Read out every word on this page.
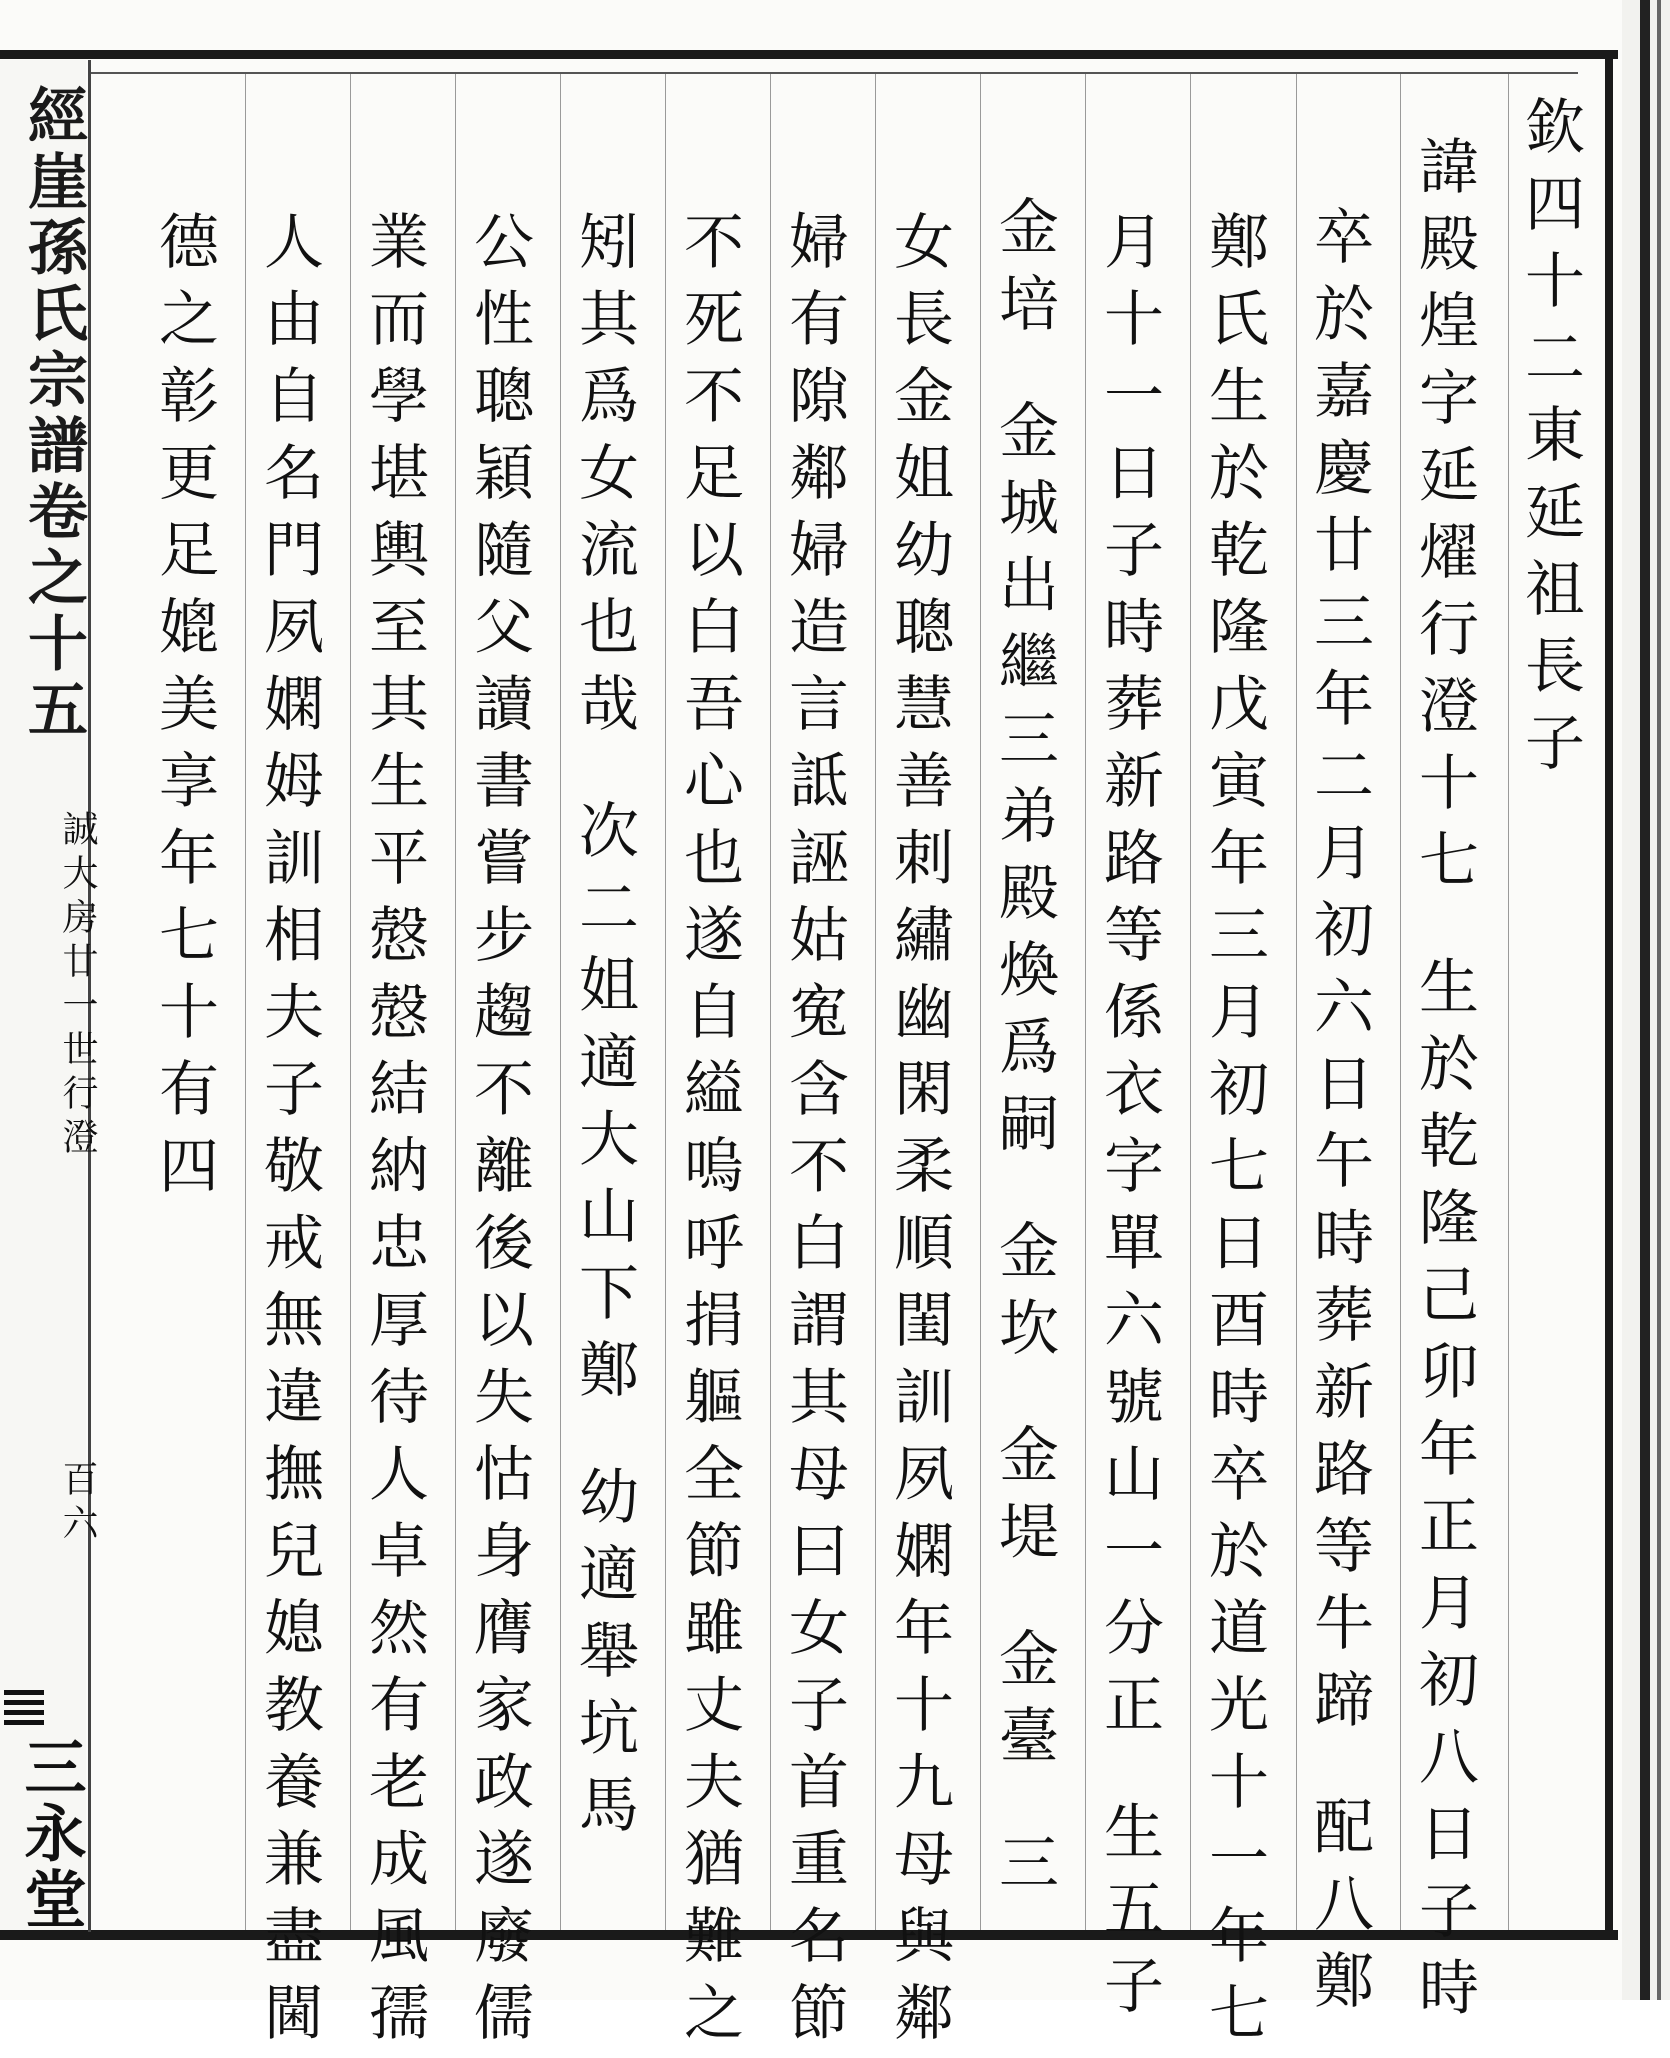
經崖孫氏宗譜卷之十五
誠大房廿一世行澄
百六
三永堂
欽四十二東延祖長子
諱殿煌字延燿行澄十七生於乾隆己卯年正月初八日子時
卒於嘉慶廿三年二月初六日午時葬新路等牛蹄配八鄭
鄭氏生於乾隆戊寅年三月初七日酉時卒於道光十一年七
月十一日子時葬新路等係衣字單六號山一分正生五子
金培金城出繼三弟殿煥爲嗣金坎金堤金臺三
女長金姐幼聰慧善刺繡幽閑柔順閨訓夙嫻年十九母與鄰
婦有隙鄰婦造言詆誣姑寃含不白謂其母曰女子首重名節
不死不足以白吾心也遂自縊嗚呼捐軀全節雖丈夫猶難之
矧其爲女流也哉次二姐適大山下鄭幼適舉坑馬
公性聰穎隨父讀書嘗步趨不離後以失怙身膺家政遂廢儒
業而學堪輿至其生平慤慤結納忠厚待人卓然有老成風孺
人由自名門夙嫻姆訓相夫子敬戒無違撫兒媳教養兼盡閫
德之彰更足媲美享年七十有四
